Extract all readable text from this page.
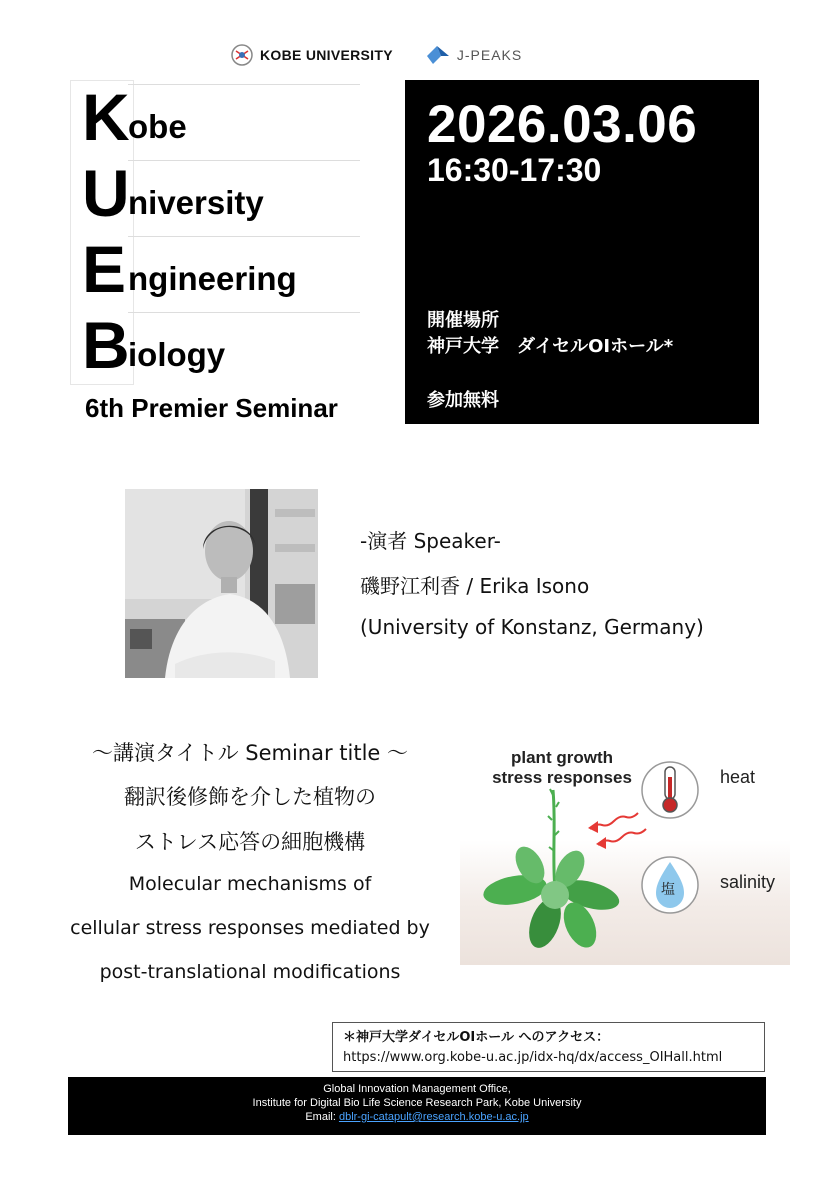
KOBE UNIVERSITY	J-PEAKS
K
obe
U
niversity
E ngineering
B
iology
6th Premier Seminar
2026.03.06
16:30-17:30
開催場所
神戸大学　ダイセルOIホール*
参加無料
-演者 Speaker-
磯野江利香 / Erika Isono
(University of Konstanz, Germany)
〜講演タイトル Seminar title 〜
翻訳後修飾を介した植物の
ストレス応答の細胞機構
Molecular mechanisms of
cellular stress responses mediated by
post-translational modifications
plant growth
stress responses	heat
salinity
塩
＊神戸大学ダイセルOIホール へのアクセス：
https://www.org.kobe-u.ac.jp/idx-hq/dx/access_OIHall.html
Global Innovation Management Office,
Institute for Digital Bio Life Science Research Park, Kobe University
Email: dblr-gi-catapult@research.kobe-u.ac.jp
